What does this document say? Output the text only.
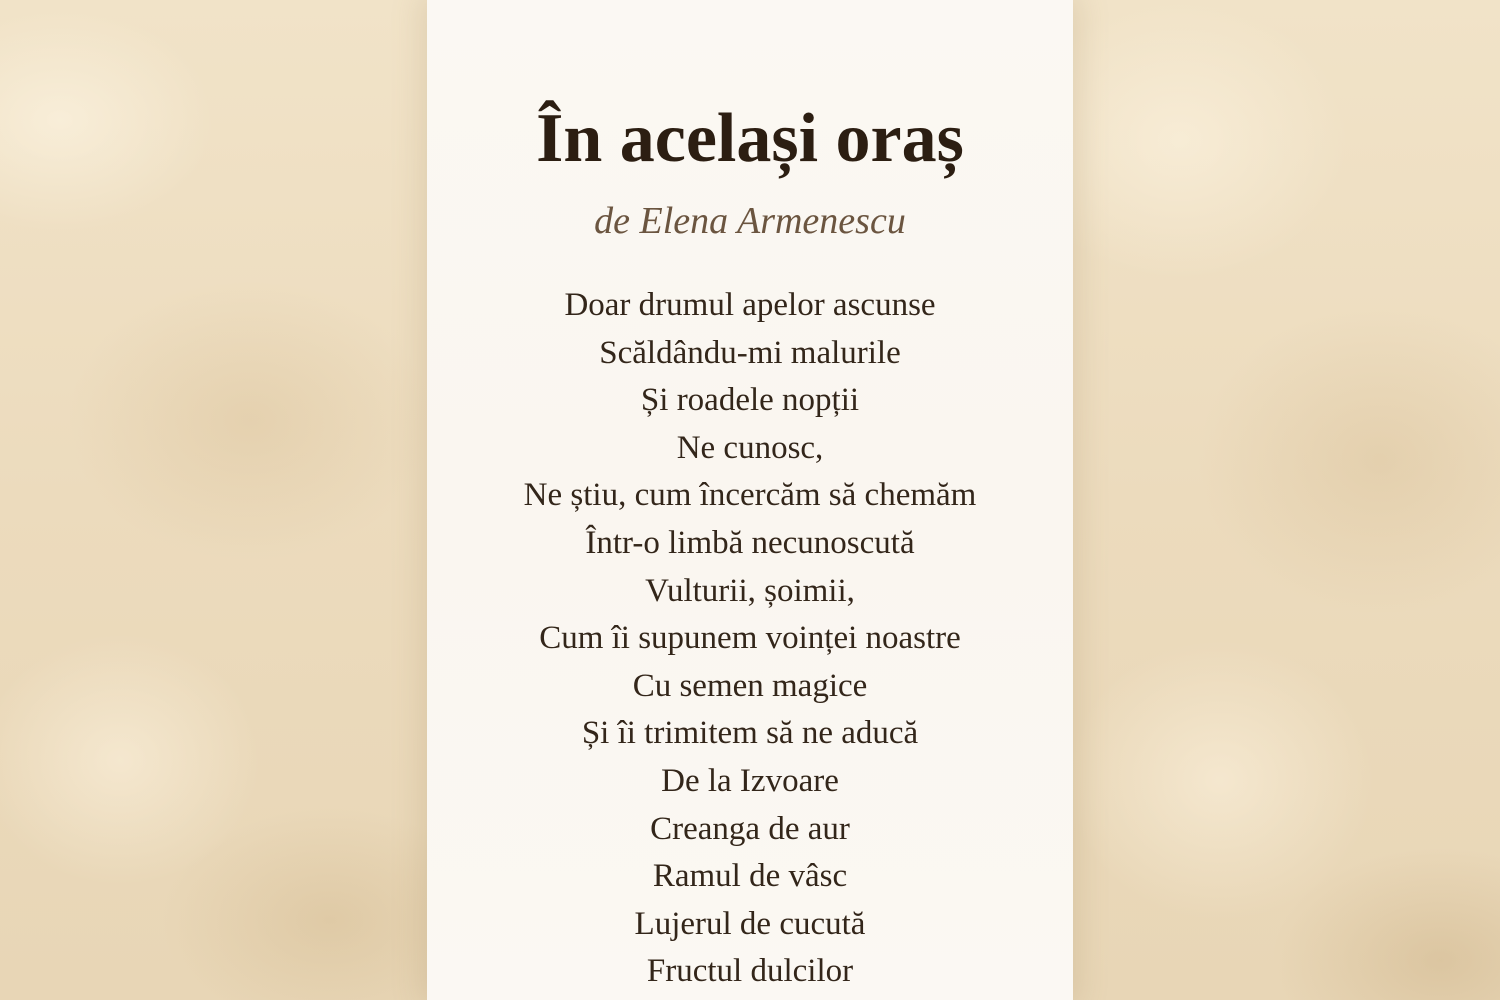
În același oraș
de Elena Armenescu
Doar drumul apelor ascunse
Scăldându-mi malurile
Și roadele nopții
Ne cunosc,
Ne știu, cum încercăm să chemăm
Într-o limbă necunoscută
Vulturii, șoimii,
Cum îi supunem voinței noastre
Cu semen magice
Și îi trimitem să ne aducă
De la Izvoare
Creanga de aur
Ramul de vâsc
Lujerul de cucută
Fructul dulcilor
